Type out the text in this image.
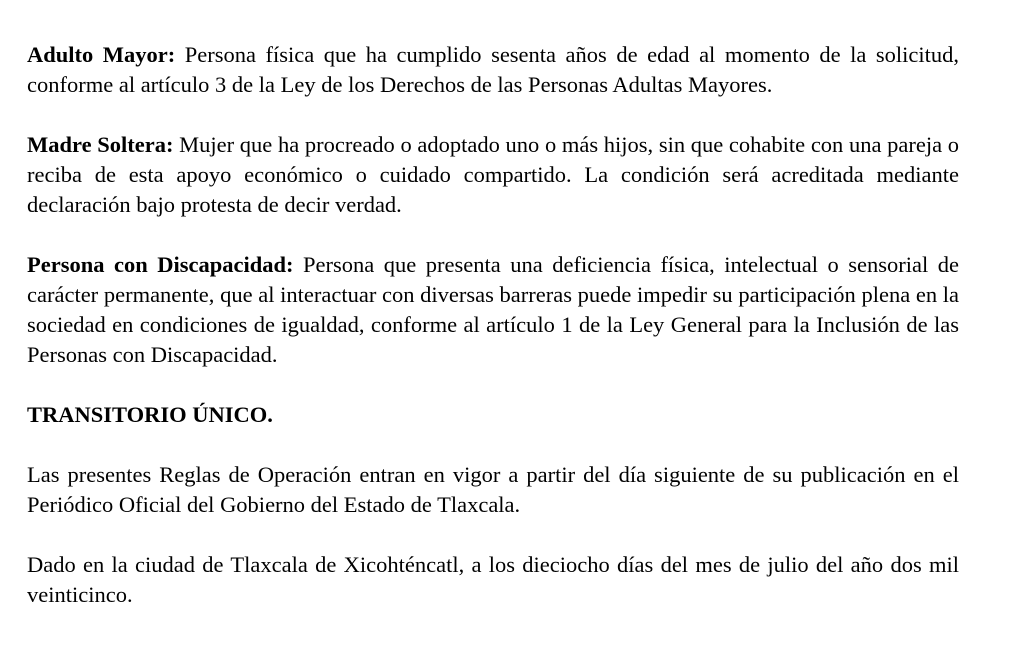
Adulto Mayor: Persona física que ha cumplido sesenta años de edad al momento de la solicitud, conforme al artículo 3 de la Ley de los Derechos de las Personas Adultas Mayores.

Madre Soltera: Mujer que ha procreado o adoptado uno o más hijos, sin que cohabite con una pareja o reciba de esta apoyo económico o cuidado compartido. La condición será acreditada mediante declaración bajo protesta de decir verdad.

Persona con Discapacidad: Persona que presenta una deficiencia física, intelectual o sensorial de carácter permanente, que al interactuar con diversas barreras puede impedir su participación plena en la sociedad en condiciones de igualdad, conforme al artículo 1 de la Ley General para la Inclusión de las Personas con Discapacidad.

TRANSITORIO ÚNICO.

Las presentes Reglas de Operación entran en vigor a partir del día siguiente de su publicación en el Periódico Oficial del Gobierno del Estado de Tlaxcala.

Dado en la ciudad de Tlaxcala de Xicohténcatl, a los dieciocho días del mes de julio del año dos mil veinticinco.
